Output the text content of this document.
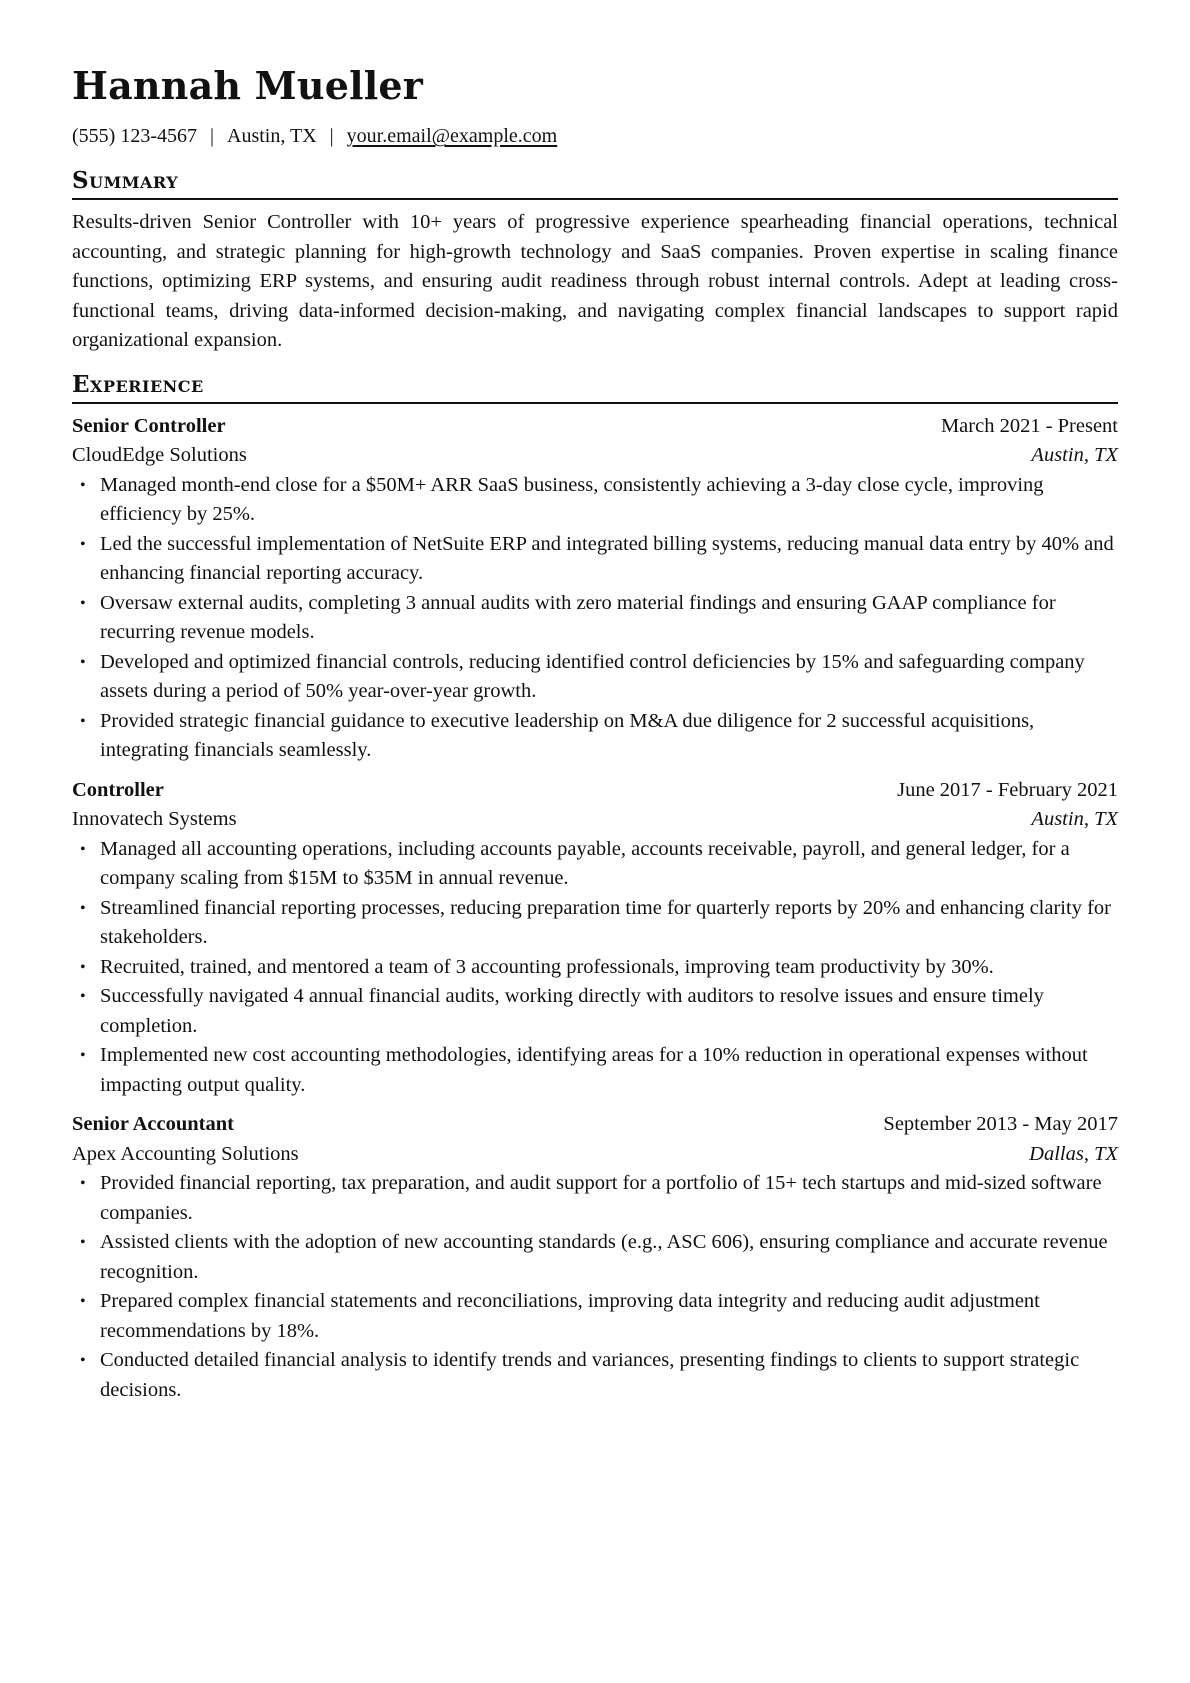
Hannah Mueller
(555) 123-4567 | Austin, TX | your.email@example.com
Summary

Results-driven Senior Controller with 10+ years of progressive experience spearheading financial operations, technical accounting, and strategic planning for high-growth technology and SaaS companies. Proven expertise in scaling finance functions, optimizing ERP systems, and ensuring audit readiness through robust internal controls. Adept at leading cross-functional teams, driving data-informed decision-making, and navigating complex financial landscapes to support rapid organizational expansion.

Experience
Senior Controller	March 2021 - Present
CloudEdge Solutions	Austin, TX
• Managed month-end close for a $50M+ ARR SaaS business, consistently achieving a 3-day close cycle, improving efficiency by 25%.
• Led the successful implementation of NetSuite ERP and integrated billing systems, reducing manual data entry by 40% and enhancing financial reporting accuracy.
• Oversaw external audits, completing 3 annual audits with zero material findings and ensuring GAAP compliance for recurring revenue models.
• Developed and optimized financial controls, reducing identified control deficiencies by 15% and safeguarding company assets during a period of 50% year-over-year growth.
• Provided strategic financial guidance to executive leadership on M&A due diligence for 2 successful acquisitions, integrating financials seamlessly.
Controller	June 2017 - February 2021
Innovatech Systems	Austin, TX
• Managed all accounting operations, including accounts payable, accounts receivable, payroll, and general ledger, for a company scaling from $15M to $35M in annual revenue.
• Streamlined financial reporting processes, reducing preparation time for quarterly reports by 20% and enhancing clarity for stakeholders.
• Recruited, trained, and mentored a team of 3 accounting professionals, improving team productivity by 30%.
• Successfully navigated 4 annual financial audits, working directly with auditors to resolve issues and ensure timely completion.
• Implemented new cost accounting methodologies, identifying areas for a 10% reduction in operational expenses without impacting output quality.
Senior Accountant	September 2013 - May 2017
Apex Accounting Solutions	Dallas, TX
• Provided financial reporting, tax preparation, and audit support for a portfolio of 15+ tech startups and mid-sized software companies.
• Assisted clients with the adoption of new accounting standards (e.g., ASC 606), ensuring compliance and accurate revenue recognition.
• Prepared complex financial statements and reconciliations, improving data integrity and reducing audit adjustment recommendations by 18%.
• Conducted detailed financial analysis to identify trends and variances, presenting findings to clients to support strategic decisions.
